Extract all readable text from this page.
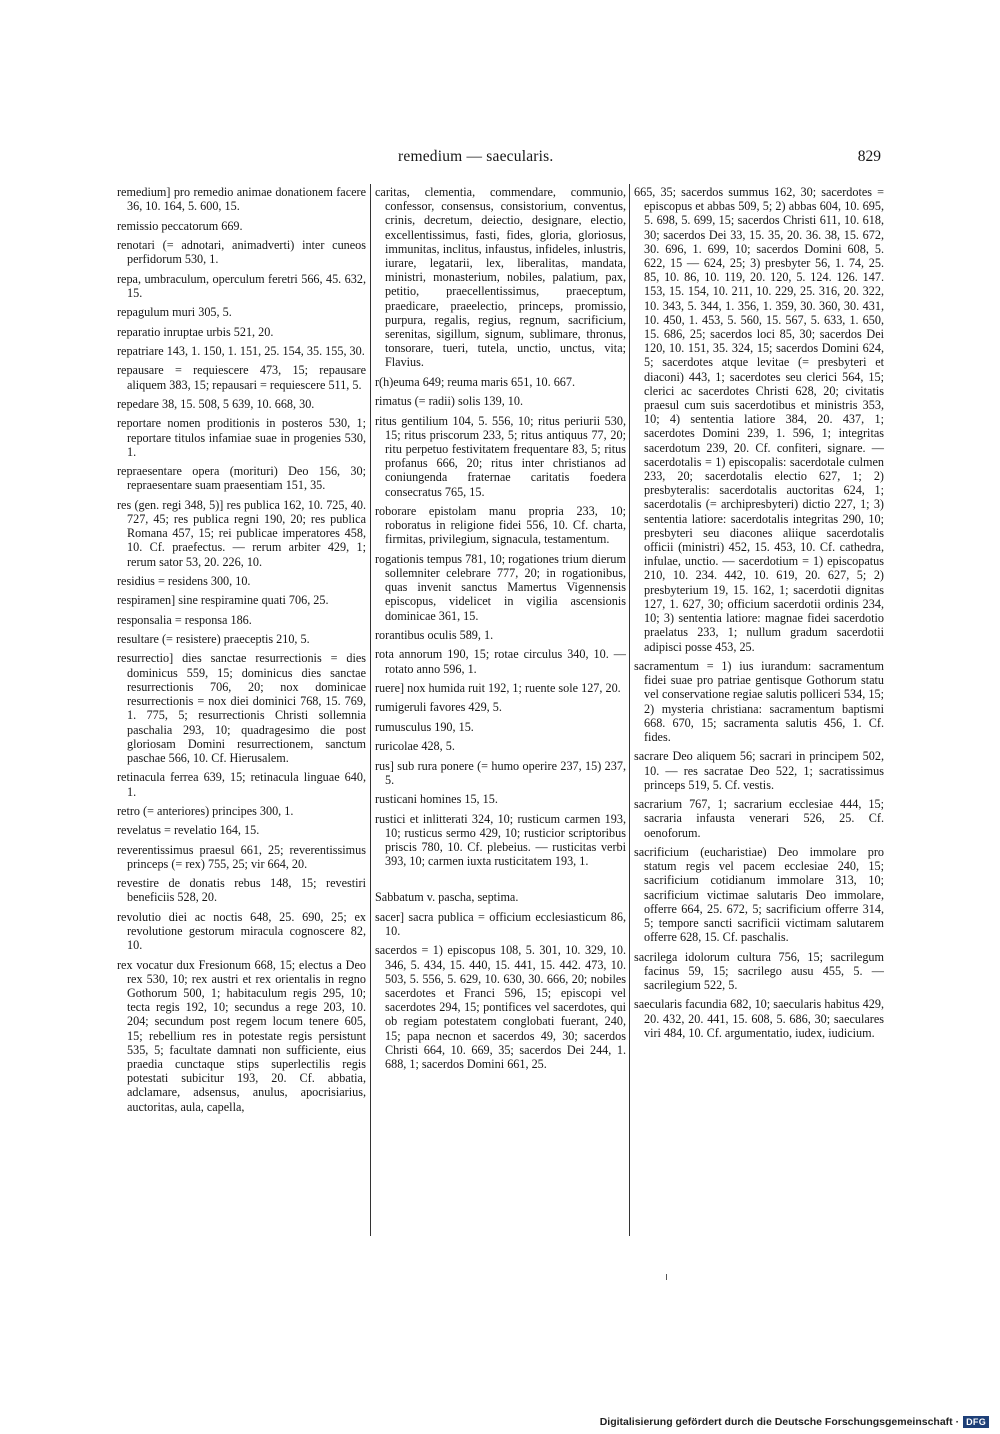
remedium — saecularis.	829

remedium] pro remedio animae donationem facere 36, 10. 164, 5. 600, 15.

remissio peccatorum 669.

renotari (= adnotari, animadverti) inter cuneos perfidorum 530, 1.

repa, umbraculum, operculum feretri 566, 45. 632, 15.

repagulum muri 305, 5.

reparatio inruptae urbis 521, 20.

repatriare 143, 1. 150, 1. 151, 25. 154, 35. 155, 30.

repausare = requiescere 473, 15; repausare aliquem 383, 15; repausari = requiescere 511, 5.

repedare 38, 15. 508, 5 639, 10. 668, 30.

reportare nomen proditionis in posteros 530, 1; reportare titulos infamiae suae in progenies 530, 1.

repraesentare opera (morituri) Deo 156, 30; repraesentare suam praesentiam 151, 35.

res (gen. regi 348, 5)] res publica 162, 10. 725, 40. 727, 45; res publica regni 190, 20; res publica Romana 457, 15; rei publicae imperatores 458, 10. Cf. praefectus. — rerum arbiter 429, 1; rerum sator 53, 20. 226, 10.

residius = residens 300, 10.

respiramen] sine respiramine quati 706, 25.

responsalia = responsa 186.

resultare (= resistere) praeceptis 210, 5.

resurrectio] dies sanctae resurrectionis = dies dominicus 559, 15; dominicus dies sanctae resurrectionis 706, 20; nox dominicae resurrectionis = nox diei dominici 768, 15. 769, 1. 775, 5; resurrectionis Christi sollemnia paschalia 293, 10; quadragesimo die post gloriosam Domini resurrectionem, sanctum paschae 566, 10. Cf. Hierusalem.

retinacula ferrea 639, 15; retinacula linguae 640, 1.

retro (= anteriores) principes 300, 1.

revelatus = revelatio 164, 15.

reverentissimus praesul 661, 25; reverentissimus princeps (= rex) 755, 25; vir 664, 20.

revestire de donatis rebus 148, 15; revestiri beneficiis 528, 20.

revolutio diei ac noctis 648, 25. 690, 25; ex revolutione gestorum miracula cognoscere 82, 10.

rex vocatur dux Fresionum 668, 15; electus a Deo rex 530, 10; rex austri et rex orientalis in regno Gothorum 500, 1; habitaculum regis 295, 10; tecta regis 192, 10; secundus a rege 203, 10. 204; secundum post regem locum tenere 605, 15; rebellium res in potestate regis persistunt 535, 5; facultate damnati non sufficiente, eius praedia cunctaque stips superlectilis regis potestati subicitur 193, 20. Cf. abbatia, adclamare, adsensus, anulus, apocrisiarius, auctoritas, aula, capella,

caritas, clementia, commendare, communio, confessor, consensus, consistorium, conventus, crinis, decretum, deiectio, designare, electio, excellentissimus, fasti, fides, gloria, gloriosus, immunitas, inclitus, infaustus, infideles, inlustris, iurare, legatarii, lex, liberalitas, mandata, ministri, monasterium, nobiles, palatium, pax, petitio, praecellentissimus, praeceptum, praedicare, praeelectio, princeps, promissio, purpura, regalis, regius, regnum, sacrificium, serenitas, sigillum, signum, sublimare, thronus, tonsorare, tueri, tutela, unctio, unctus, vita; Flavius.

r(h)euma 649; reuma maris 651, 10. 667.

rimatus (= radii) solis 139, 10.

ritus gentilium 104, 5. 556, 10; ritus periurii 530, 15; ritus priscorum 233, 5; ritus antiquus 77, 20; ritu perpetuo festivitatem frequentare 83, 5; ritus profanus 666, 20; ritus inter christianos ad coniungenda fraternae caritatis foedera consecratus 765, 15.

roborare epistolam manu propria 233, 10; roboratus in religione fidei 556, 10. Cf. charta, firmitas, privilegium, signacula, testamentum.

rogationis tempus 781, 10; rogationes trium dierum sollemniter celebrare 777, 20; in rogationibus, quas invenit sanctus Mamertus Vigennensis episcopus, videlicet in vigilia ascensionis dominicae 361, 15.

rorantibus oculis 589, 1.

rota annorum 190, 15; rotae circulus 340, 10. — rotato anno 596, 1.

ruere] nox humida ruit 192, 1; ruente sole 127, 20.

rumigeruli favores 429, 5.

rumusculus 190, 15.

ruricolae 428, 5.

rus] sub rura ponere (= humo operire 237, 15) 237, 5.

rusticani homines 15, 15.

rustici et inlitterati 324, 10; rusticum carmen 193, 10; rusticus sermo 429, 10; rusticior scriptoribus priscis 780, 10. Cf. plebeius. — rusticitas verbi 393, 10; carmen iuxta rusticitatem 193, 1.

Sabbatum v. pascha, septima.

sacer] sacra publica = officium ecclesiasticum 86, 10.

sacerdos = 1) episcopus 108, 5. 301, 10. 329, 10. 346, 5. 434, 15. 440, 15. 441, 15. 442. 473, 10. 503, 5. 556, 5. 629, 10. 630, 30. 666, 20; nobiles sacerdotes et Franci 596, 15; episcopi vel sacerdotes 294, 15; pontifices vel sacerdotes, qui ob regiam potestatem conglobati fuerant, 240, 15; papa necnon et sacerdos 49, 30; sacerdos Christi 664, 10. 669, 35; sacerdos Dei 244, 1. 688, 1; sacerdos Domini 661, 25.

665, 35; sacerdos summus 162, 30; sacerdotes = episcopus et abbas 509, 5; 2) abbas 604, 10. 695, 5. 698, 5. 699, 15; sacerdos Christi 611, 10. 618, 30; sacerdos Dei 33, 15. 35, 20. 36. 38, 15. 672, 30. 696, 1. 699, 10; sacerdos Domini 608, 5. 622, 15 — 624, 25; 3) presbyter 56, 1. 74, 25. 85, 10. 86, 10. 119, 20. 120, 5. 124. 126. 147. 153, 15. 154, 10. 211, 10. 229, 25. 316, 20. 322, 10. 343, 5. 344, 1. 356, 1. 359, 30. 360, 30. 431, 10. 450, 1. 453, 5. 560, 15. 567, 5. 633, 1. 650, 15. 686, 25; sacerdos loci 85, 30; sacerdos Dei 120, 10. 151, 35. 324, 15; sacerdos Domini 624, 5; sacerdotes atque levitae (= presbyteri et diaconi) 443, 1; sacerdotes seu clerici 564, 15; clerici ac sacerdotes Christi 628, 20; civitatis praesul cum suis sacerdotibus et ministris 353, 10; 4) sententia latiore 384, 20. 437, 1; sacerdotes Domini 239, 1. 596, 1; integritas sacerdotum 239, 20. Cf. confiteri, signare. — sacerdotalis = 1) episcopalis: sacerdotale culmen 233, 20; sacerdotalis electio 627, 1; 2) presbyteralis: sacerdotalis auctoritas 624, 1; sacerdotalis (= archipresbyteri) dictio 227, 1; 3) sententia latiore: sacerdotalis integritas 290, 10; presbyteri seu diacones aliique sacerdotalis officii (ministri) 452, 15. 453, 10. Cf. cathedra, infulae, unctio. — sacerdotium = 1) episcopatus 210, 10. 234. 442, 10. 619, 20. 627, 5; 2) presbyterium 19, 15. 162, 1; sacerdotii dignitas 127, 1. 627, 30; officium sacerdotii ordinis 234, 10; 3) sententia latiore: magnae fidei sacerdotio praelatus 233, 1; nullum gradum sacerdotii adipisci posse 453, 25.

sacramentum = 1) ius iurandum: sacramentum fidei suae pro patriae gentisque Gothorum statu vel conservatione regiae salutis polliceri 534, 15; 2) mysteria christiana: sacramentum baptismi 668. 670, 15; sacramenta salutis 456, 1. Cf. fides.

sacrare Deo aliquem 56; sacrari in principem 502, 10. — res sacratae Deo 522, 1; sacratissimus princeps 519, 5. Cf. vestis.

sacrarium 767, 1; sacrarium ecclesiae 444, 15; sacraria infausta venerari 526, 25. Cf. oenoforum.

sacrificium (eucharistiae) Deo immolare pro statum regis vel pacem ecclesiae 240, 15; sacrificium cotidianum immolare 313, 10; sacrificium victimae salutaris Deo immolare, offerre 664, 25. 672, 5; sacrificium offerre 314, 5; tempore sancti sacrificii victimam salutarem offerre 628, 15. Cf. paschalis.

sacrilega idolorum cultura 756, 15; sacrilegum facinus 59, 15; sacrilego ausu 455, 5. — sacrilegium 522, 5.

saecularis facundia 682, 10; saecularis habitus 429, 20. 432, 20. 441, 15. 608, 5. 686, 30; saeculares viri 484, 10. Cf. argumentatio, iudex, iudicium.

Digitalisierung gefördert durch die Deutsche Forschungsgemeinschaft · DFG
